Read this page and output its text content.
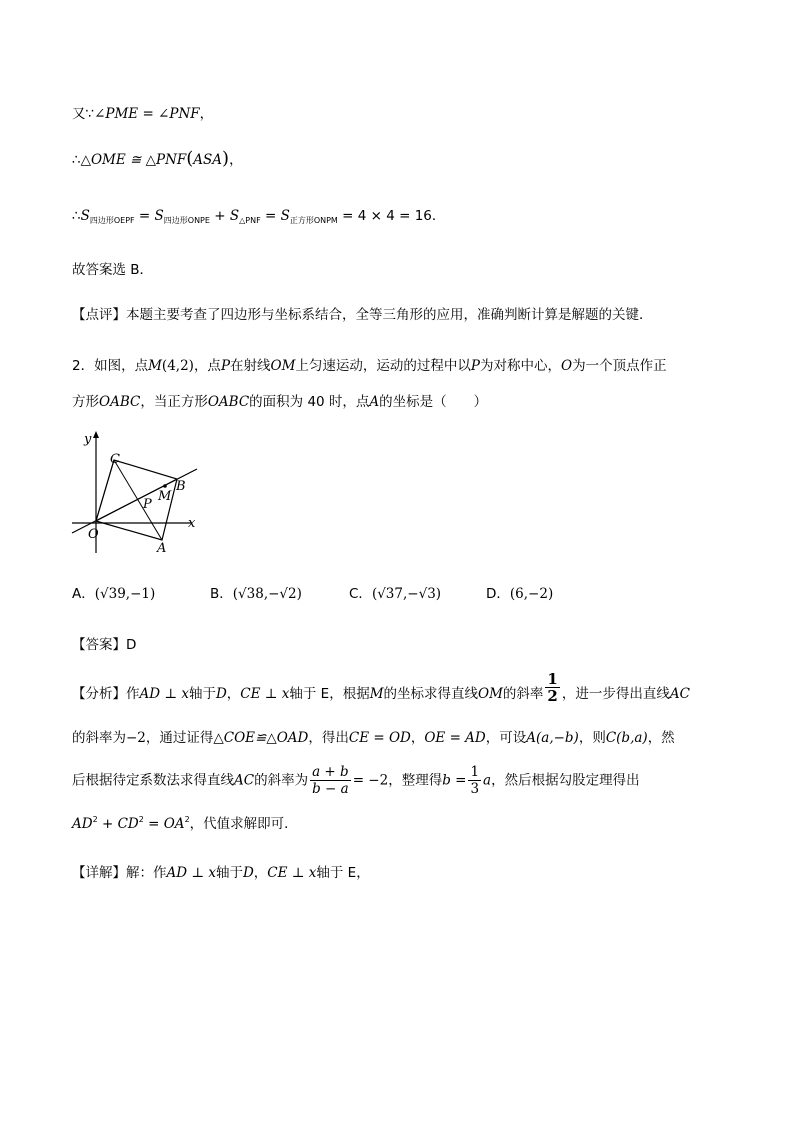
又∵∠PME = ∠PNF，
∴△OME ≅ △PNF(ASA)，
$\therefore S_{四边形OEPF} = S_{四边形ONPE} + S_{\triangle PNF} = S_{正方形ONPM} = 4 \times 4 = 16$．
故答案选 B．
【点评】本题主要考查了四边形与坐标系结合，全等三角形的应用，准确判断计算是解题的关键．
2．如图，点M(4,2)，点P在射线OM上匀速运动，运动的过程中以P为对称中心，O为一个顶点作正
方形OABC，当正方形OABC的面积为 40 时，点A的坐标是（　　）
y
x
C
B
M
P
O
A
A．(√39,−1)	B．(√38,−√2)	C．(√37,−√3)	D．(6,−2)
【答案】D
【分析】作AD ⊥ x轴于D，CE ⊥ x轴于 E，根据M的坐标求得直线OM的斜率 $\frac{1}{2}$ ，进一步得出直线AC
的斜率为−2，通过证得△COE≌△OAD，得出CE = OD，OE = AD，可设A(a,−b)，则C(b,a)，然
后根据待定系数法求得直线AC的斜率为 $\frac{a + b}{b - a} = -2$，整理得$b = \frac{1}{3}$ a，然后根据勾股定理得出
$AD^2 + CD^2 = OA^2$，代值求解即可．
【详解】解：作AD ⊥ x轴于D，CE ⊥ x轴于 E，
